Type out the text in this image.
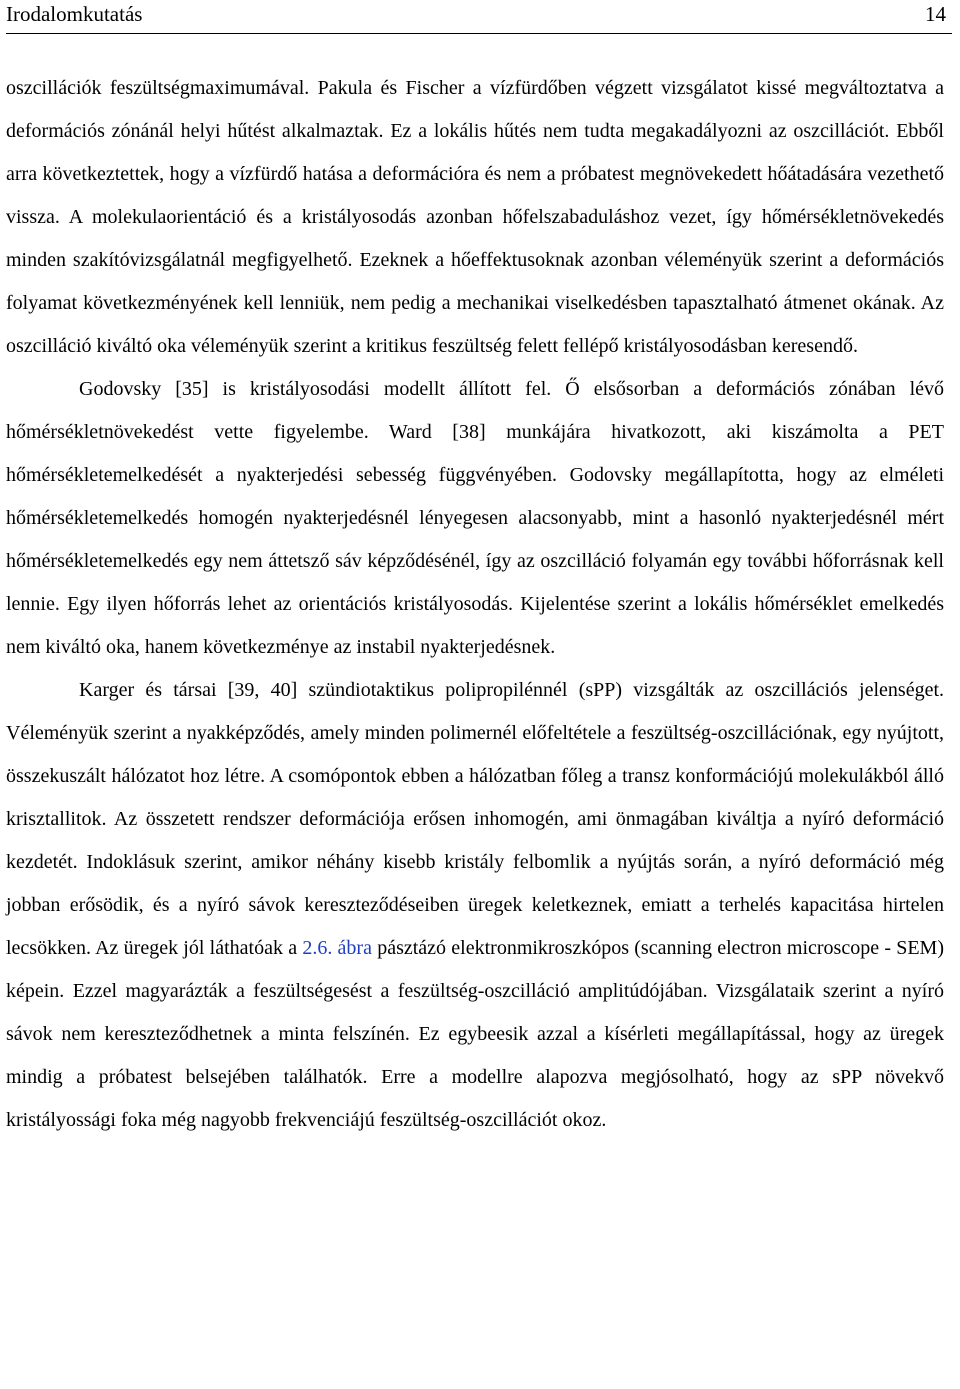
Irodalomkutatás	14

oszcillációk feszültségmaximumával. Pakula és Fischer a vízfürdőben végzett vizsgálatot kissé megváltoztatva a deformációs zónánál helyi hűtést alkalmaztak. Ez a lokális hűtés nem tudta megakadályozni az oszcillációt. Ebből arra következtettek, hogy a vízfürdő hatása a deformációra és nem a próbatest megnövekedett hőátadására vezethető vissza. A molekulaorientáció és a kristályosodás azonban hőfelszabaduláshoz vezet, így hőmérsékletnövekedés minden szakítóvizsgálatnál megfigyelhető. Ezeknek a hőeffektusoknak azonban véleményük szerint a deformációs folyamat következményének kell lenniük, nem pedig a mechanikai viselkedésben tapasztalható átmenet okának. Az oszcilláció kiváltó oka véleményük szerint a kritikus feszültség felett fellépő kristályosodásban keresendő.

Godovsky [35] is kristályosodási modellt állított fel. Ő elsősorban a deformációs zónában lévő hőmérsékletnövekedést vette figyelembe. Ward [38] munkájára hivatkozott, aki kiszámolta a PET hőmérsékletemelkedését a nyakterjedési sebesség függvényében. Godovsky megállapította, hogy az elméleti hőmérsékletemelkedés homogén nyakterjedésnél lényegesen alacsonyabb, mint a hasonló nyakterjedésnél mért hőmérsékletemelkedés egy nem áttetsző sáv képződésénél, így az oszcilláció folyamán egy további hőforrásnak kell lennie. Egy ilyen hőforrás lehet az orientációs kristályosodás. Kijelentése szerint a lokális hőmérséklet emelkedés nem kiváltó oka, hanem következménye az instabil nyakterjedésnek.

Karger és társai [39, 40] szündiotaktikus polipropilénnél (sPP) vizsgálták az oszcillációs jelenséget. Véleményük szerint a nyakképződés, amely minden polimernél előfeltétele a feszültség-oszcillációnak, egy nyújtott, összekuszált hálózatot hoz létre. A csomópontok ebben a hálózatban főleg a transz konformációjú molekulákból álló krisztallitok. Az összetett rendszer deformációja erősen inhomogén, ami önmagában kiváltja a nyíró deformáció kezdetét. Indoklásuk szerint, amikor néhány kisebb kristály felbomlik a nyújtás során, a nyíró deformáció még jobban erősödik, és a nyíró sávok kereszteződéseiben üregek keletkeznek, emiatt a terhelés kapacitása hirtelen lecsökken. Az üregek jól láthatóak a 2.6. ábra pásztázó elektronmikroszkópos (scanning electron microscope - SEM) képein. Ezzel magyarázták a feszültségesést a feszültség-oszcilláció amplitúdójában. Vizsgálataik szerint a nyíró sávok nem kereszteződhetnek a minta felszínén. Ez egybeesik azzal a kísérleti megállapítással, hogy az üregek mindig a próbatest belsejében találhatók. Erre a modellre alapozva megjósolható, hogy az sPP növekvő kristályossági foka még nagyobb frekvenciájú feszültség-oszcillációt okoz.
